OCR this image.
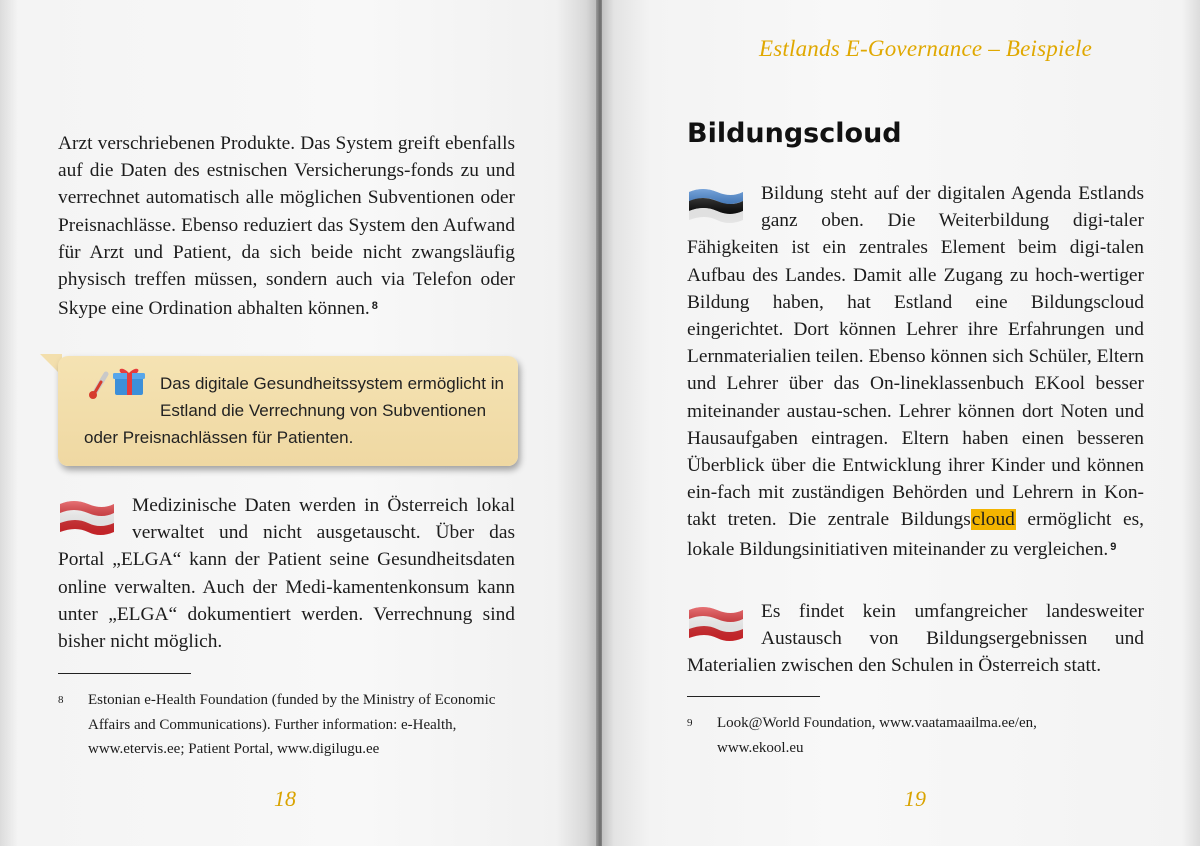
Arzt verschriebenen Produkte. Das System greift ebenfalls auf die Daten des estnischen Versicherungs-fonds zu und verrechnet automatisch alle möglichen Subventionen oder Preisnachlässe. Ebenso reduziert das System den Aufwand für Arzt und Patient, da sich beide nicht zwangsläufig physisch treffen müssen, sondern auch via Telefon oder Skype eine Ordination abhalten können. $^8$

Das digitale Gesundheitssystem ermöglicht in Estland die Verrechnung von Subventionen oder Preisnachlässen für Patienten.

Medizinische Daten werden in Österreich lokal verwaltet und nicht ausgetauscht. Über das Portal „ELGA“ kann der Patient seine Gesundheitsdaten online verwalten. Auch der Medi-kamentenkonsum kann unter „ELGA“ dokumentiert werden. Verrechnung sind bisher nicht möglich.

8	Estonian e-Health Foundation (funded by the Ministry of Economic Affairs and Communications). Further information: e-Health, www.etervis.ee; Patient Portal, www.digilugu.ee

18
Estlands E-Governance – Beispiele
Bildungscloud

Bildung steht auf der digitalen Agenda Estlands ganz oben. Die Weiterbildung digi-taler Fähigkeiten ist ein zentrales Element beim digi-talen Aufbau des Landes. Damit alle Zugang zu hoch-wertiger Bildung haben, hat Estland eine Bildungscloud eingerichtet. Dort können Lehrer ihre Erfahrungen und Lernmaterialien teilen. Ebenso können sich Schüler, Eltern und Lehrer über das On-lineklassenbuch EKool besser miteinander austau-schen. Lehrer können dort Noten und Hausaufgaben eintragen. Eltern haben einen besseren Überblick über die Entwicklung ihrer Kinder und können ein-fach mit zuständigen Behörden und Lehrern in Kon-takt treten. Die zentrale Bildungscloud ermöglicht es, lokale Bildungsinitiativen miteinander zu vergleichen. $^9$

Es findet kein umfangreicher landesweiter Austausch von Bildungsergebnissen und Materialien zwischen den Schulen in Österreich statt.

9	Look@World Foundation, www.vaatamaailma.ee/en, www.ekool.eu

19
